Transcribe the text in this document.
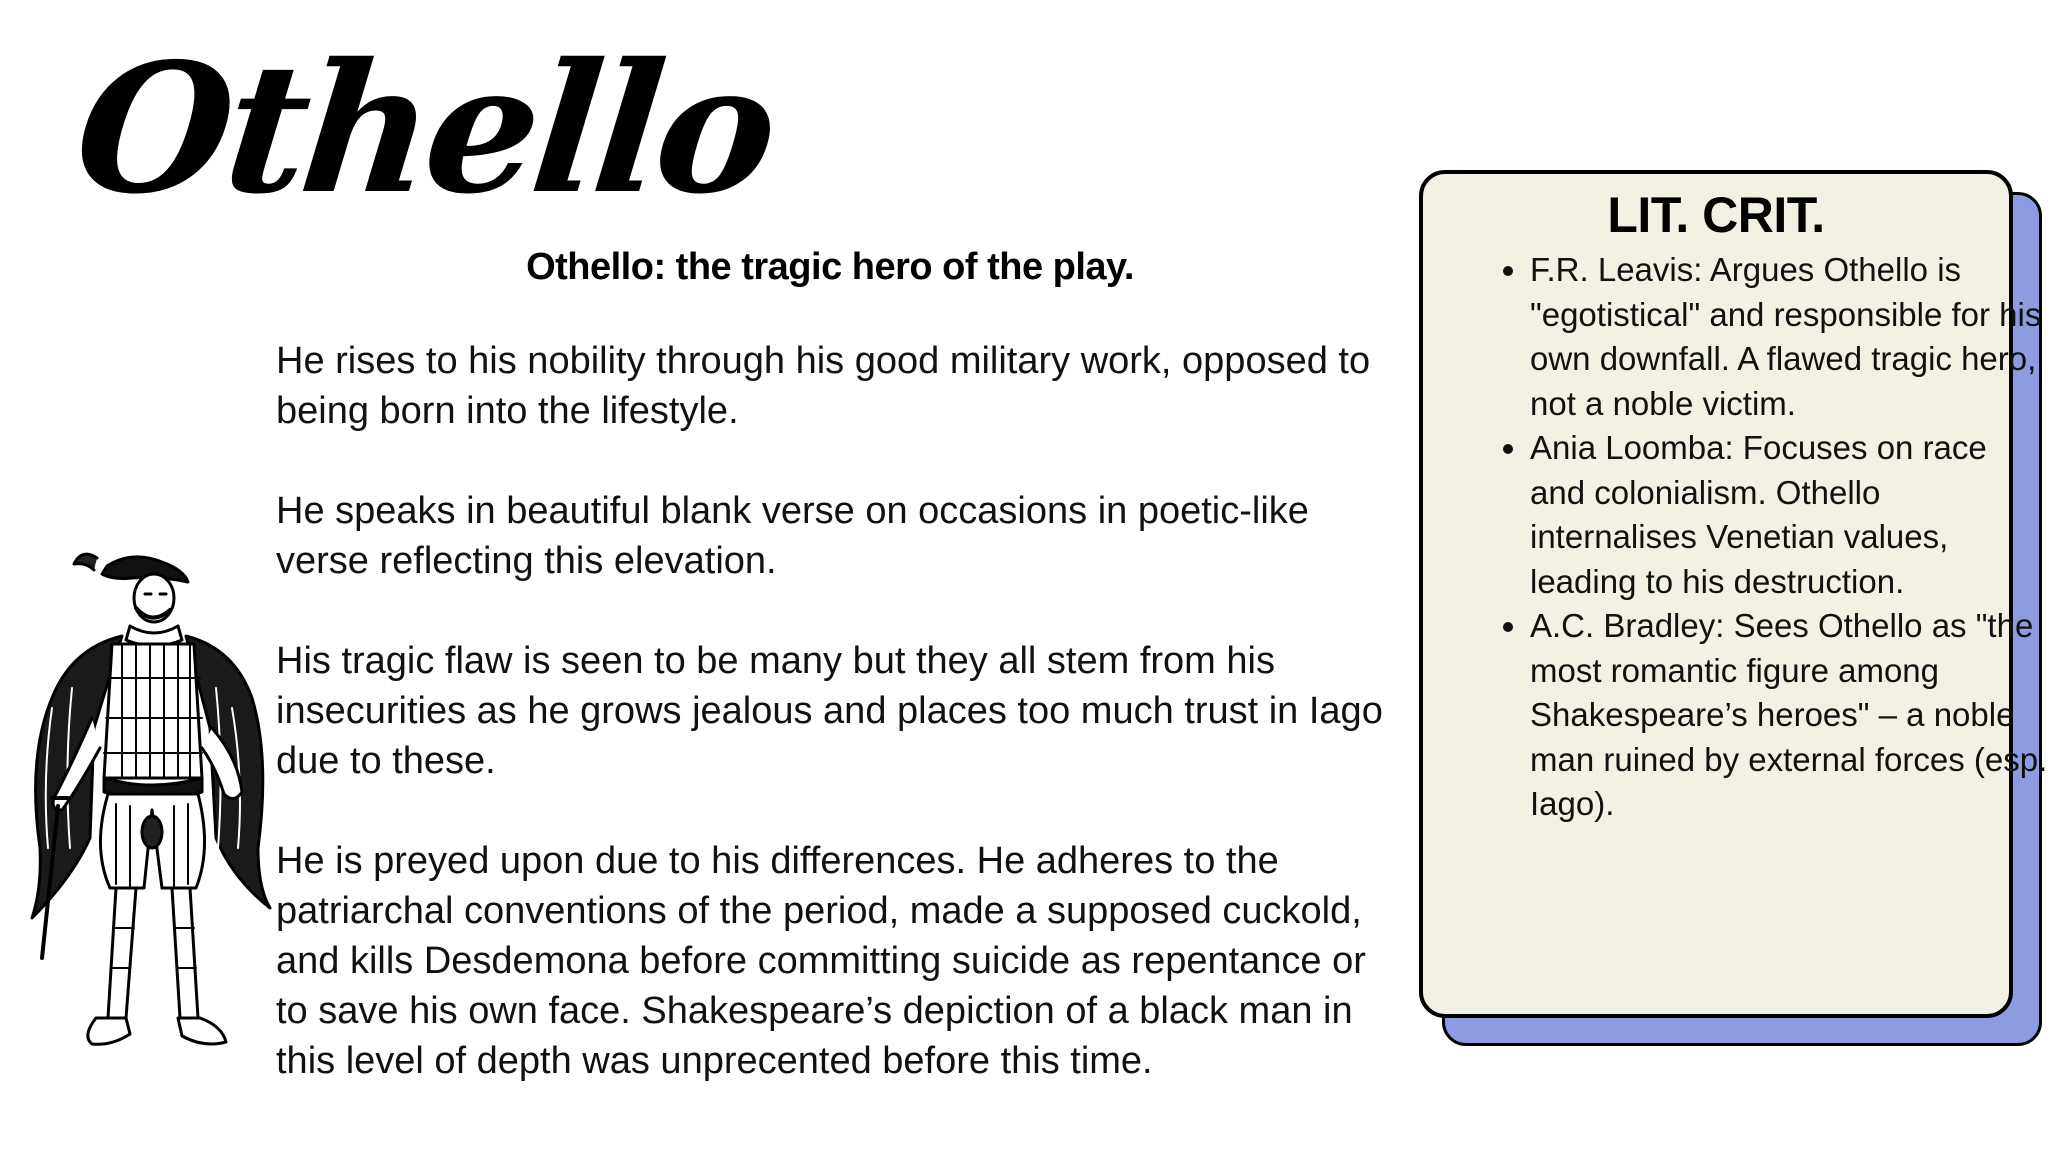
Othello
Othello: the tragic hero of the play.

He rises to his nobility through his good military work, opposed to being born into the lifestyle.

He speaks in beautiful blank verse on occasions in poetic-like verse reflecting this elevation.

His tragic flaw is seen to be many but they all stem from his insecurities as he grows jealous and places too much trust in Iago due to these.

He is preyed upon due to his differences. He adheres to the patriarchal conventions of the period, made a supposed cuckold, and kills Desdemona before committing suicide as repentance or to save his own face. Shakespeare’s depiction of a black man in this level of depth was unprecented before this time.

LIT. CRIT.
• F.R. Leavis: Argues Othello is "egotistical" and responsible for his own downfall. A flawed tragic hero, not a noble victim.
• Ania Loomba: Focuses on race and colonialism. Othello internalises Venetian values, leading to his destruction.
• A.C. Bradley: Sees Othello as "the most romantic figure among Shakespeare’s heroes" – a noble man ruined by external forces (esp. Iago).
